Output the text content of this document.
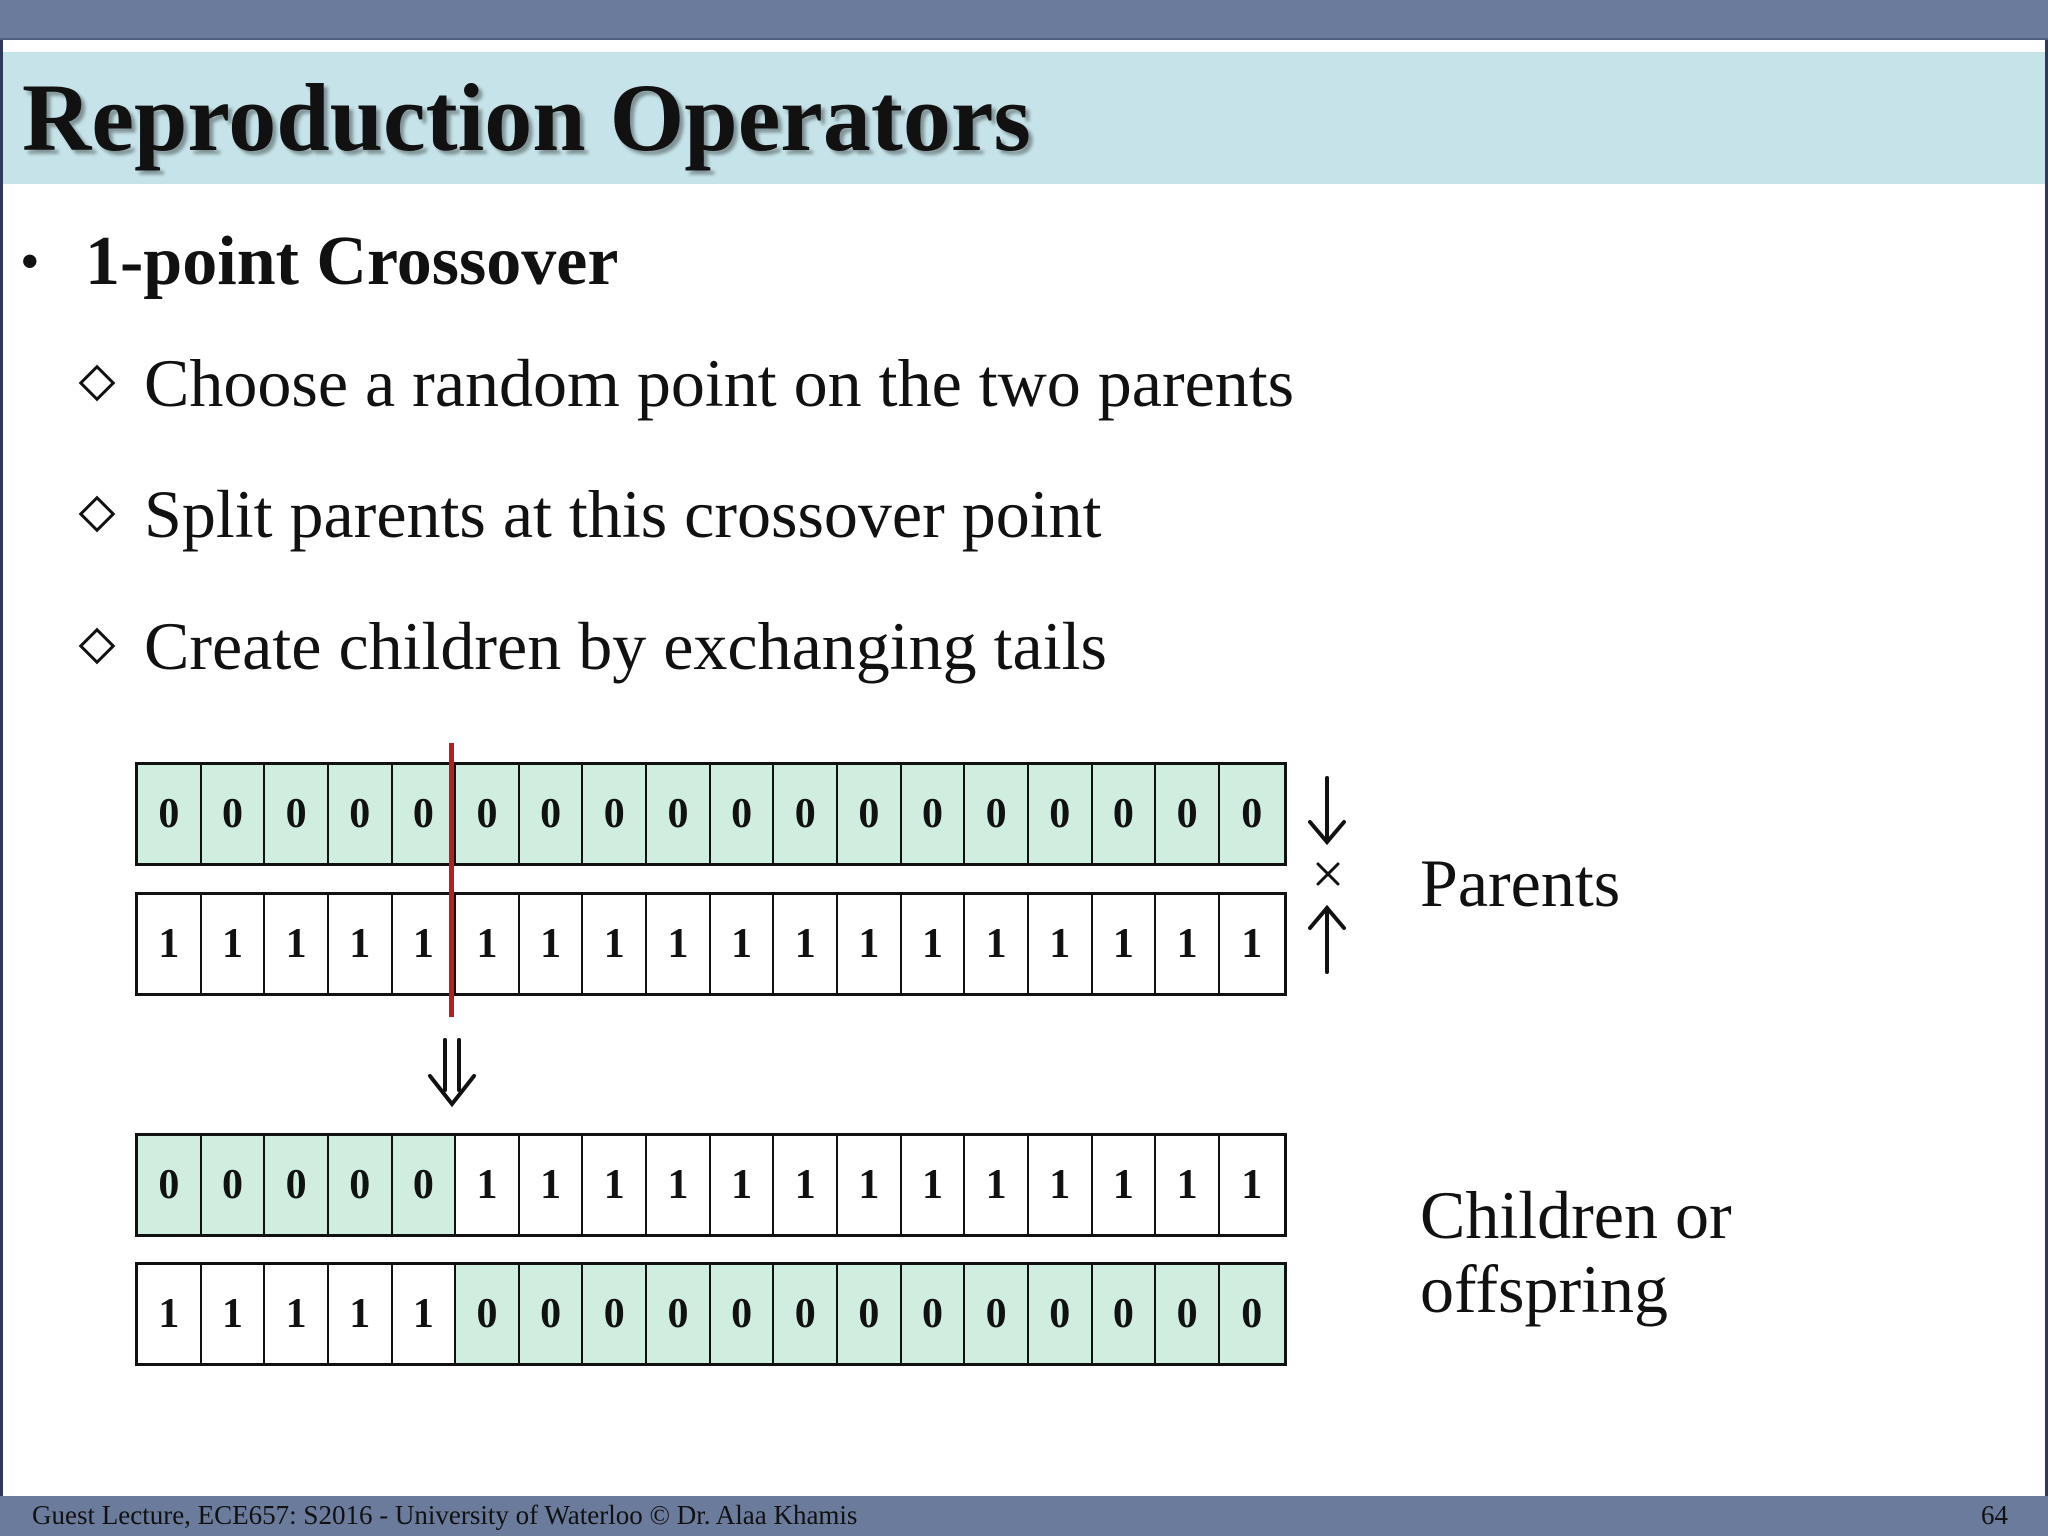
Reproduction Operators
• 1-point Crossover
Choose a random point on the two parents
Split parents at this crossover point
Create children by exchanging tails
0	0	0	0	0	0	0	0	0	0	0	0	0	0	0	0	0	0
1	1	1	1	1	1	1	1	1	1	1	1	1	1	1	1	1	1
0	0	0	0	0	1	1	1	1	1	1	1	1	1	1	1	1	1
1	1	1	1	1	0	0	0	0	0	0	0	0	0	0	0	0	0
Parents
Children or
offspring
Guest Lecture, ECE657: S2016 - University of Waterloo © Dr. Alaa Khamis	64
